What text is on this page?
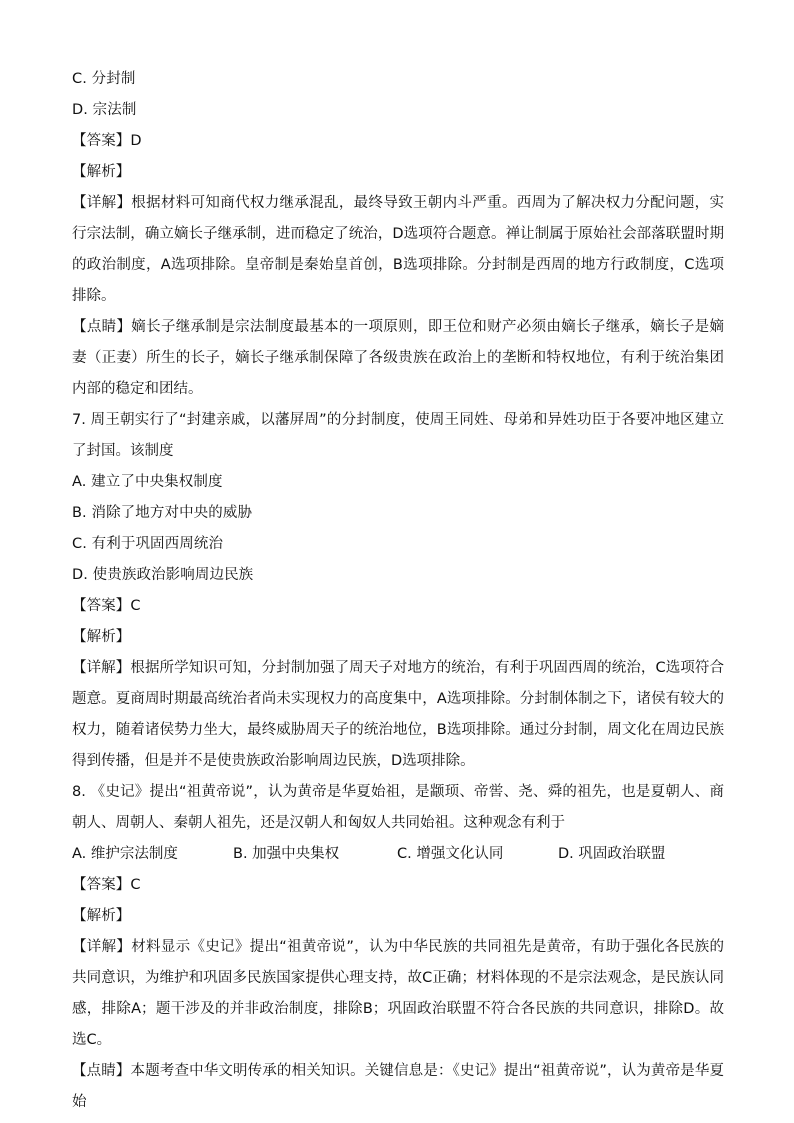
C. 分封制
D. 宗法制
【答案】D
【解析】
【详解】根据材料可知商代权力继承混乱，最终导致王朝内斗严重。西周为了解决权力分配问题，实行宗法制，确立嫡长子继承制，进而稳定了统治，D选项符合题意。禅让制属于原始社会部落联盟时期的政治制度，A选项排除。皇帝制是秦始皇首创，B选项排除。分封制是西周的地方行政制度，C选项排除。
【点睛】嫡长子继承制是宗法制度最基本的一项原则，即王位和财产必须由嫡长子继承，嫡长子是嫡妻（正妻）所生的长子，嫡长子继承制保障了各级贵族在政治上的垄断和特权地位，有利于统治集团内部的稳定和团结。
7. 周王朝实行了“封建亲戚，以藩屏周”的分封制度，使周王同姓、母弟和异姓功臣于各要冲地区建立了封国。该制度
A. 建立了中央集权制度
B. 消除了地方对中央的威胁
C. 有利于巩固西周统治
D. 使贵族政治影响周边民族
【答案】C
【解析】
【详解】根据所学知识可知，分封制加强了周天子对地方的统治，有利于巩固西周的统治，C选项符合题意。夏商周时期最高统治者尚未实现权力的高度集中，A选项排除。分封制体制之下，诸侯有较大的权力，随着诸侯势力坐大，最终威胁周天子的统治地位，B选项排除。通过分封制，周文化在周边民族得到传播，但是并不是使贵族政治影响周边民族，D选项排除。
8. 《史记》提出“祖黄帝说”，认为黄帝是华夏始祖，是颛顼、帝喾、尧、舜的祖先，也是夏朝人、商朝人、周朝人、秦朝人祖先，还是汉朝人和匈奴人共同始祖。这种观念有利于
A. 维护宗法制度	B. 加强中央集权	C. 增强文化认同	D. 巩固政治联盟
【答案】C
【解析】
【详解】材料显示《史记》提出“祖黄帝说”，认为中华民族的共同祖先是黄帝，有助于强化各民族的共同意识，为维护和巩固多民族国家提供心理支持，故C正确；材料体现的不是宗法观念，是民族认同感，排除A；题干涉及的并非政治制度，排除B；巩固政治联盟不符合各民族的共同意识，排除D。故选C。
【点睛】本题考查中华文明传承的相关知识。关键信息是：《史记》提出“祖黄帝说”，认为黄帝是华夏始
